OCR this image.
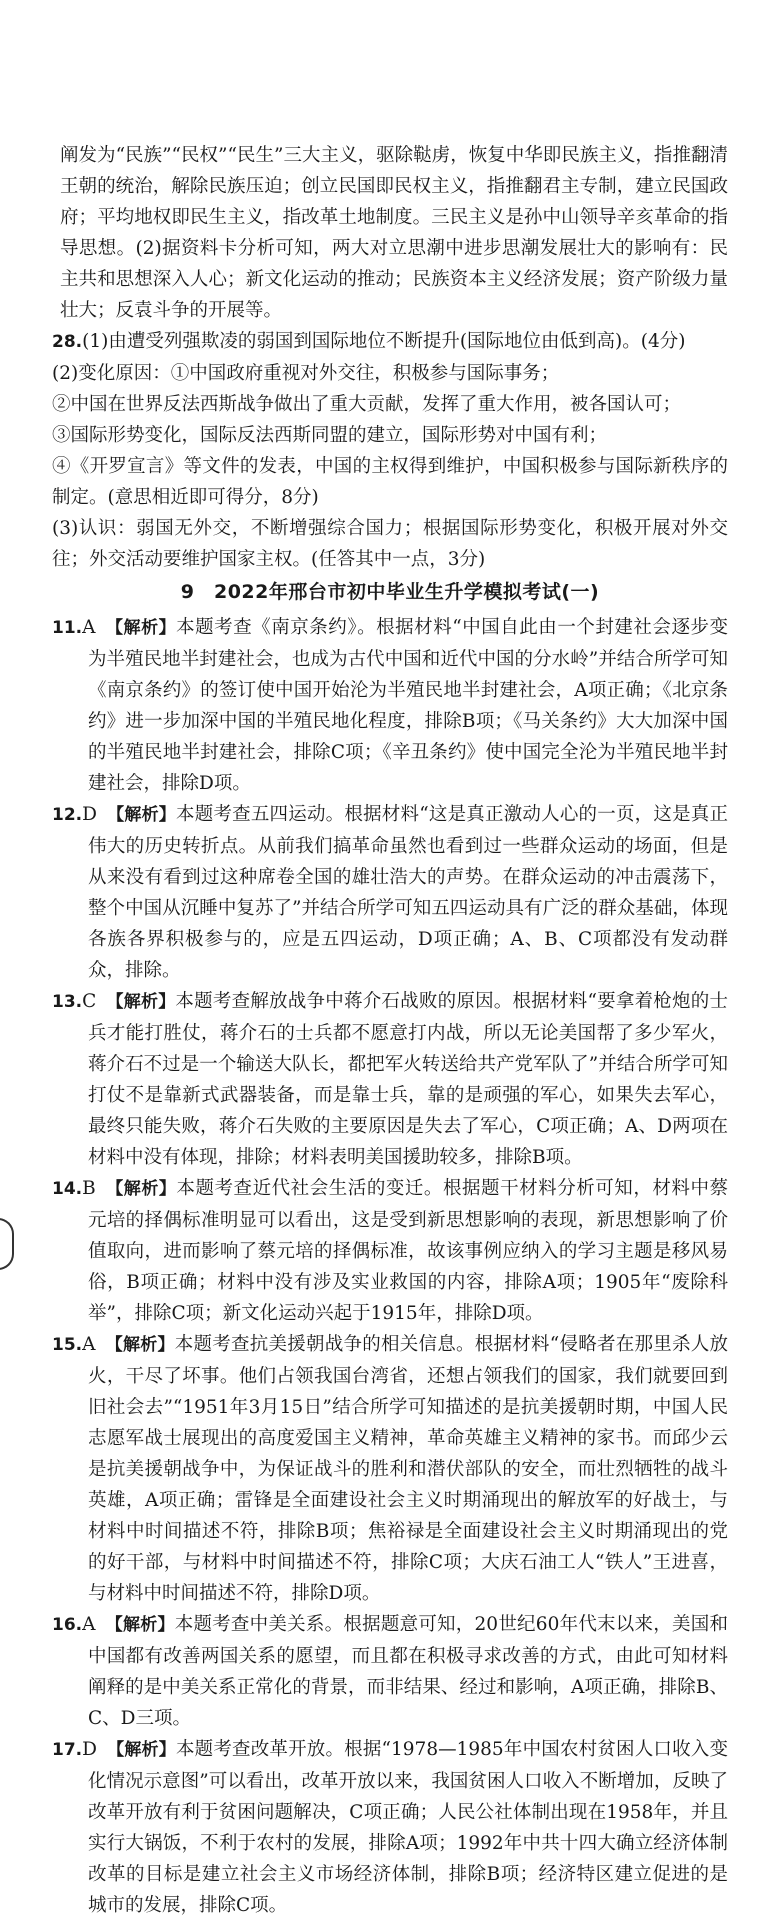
阐发为“民族”“民权”“民生”三大主义，驱除鞑虏，恢复中华即民族主义，指推翻清王朝的统治，解除民族压迫；创立民国即民权主义，指推翻君主专制，建立民国政府；平均地权即民生主义，指改革土地制度。三民主义是孙中山领导辛亥革命的指导思想。(2)据资料卡分析可知，两大对立思潮中进步思潮发展壮大的影响有：民主共和思想深入人心；新文化运动的推动；民族资本主义经济发展；资产阶级力量壮大；反袁斗争的开展等。

28.(1)由遭受列强欺凌的弱国到国际地位不断提升(国际地位由低到高)。(4分)

(2)变化原因：①中国政府重视对外交往，积极参与国际事务；

②中国在世界反法西斯战争做出了重大贡献，发挥了重大作用，被各国认可；

③国际形势变化，国际反法西斯同盟的建立，国际形势对中国有利；

④《开罗宣言》等文件的发表，中国的主权得到维护，中国积极参与国际新秩序的制定。(意思相近即可得分，8分)

(3)认识：弱国无外交，不断增强综合国力；根据国际形势变化，积极开展对外交往；外交活动要维护国家主权。(任答其中一点，3分)

9　2022年邢台市初中毕业生升学模拟考试(一)

11.A 【解析】本题考查《南京条约》。根据材料“中国自此由一个封建社会逐步变为半殖民地半封建社会，也成为古代中国和近代中国的分水岭”并结合所学可知《南京条约》的签订使中国开始沦为半殖民地半封建社会，A项正确；《北京条约》进一步加深中国的半殖民地化程度，排除B项；《马关条约》大大加深中国的半殖民地半封建社会，排除C项；《辛丑条约》使中国完全沦为半殖民地半封建社会，排除D项。

12.D 【解析】本题考查五四运动。根据材料“这是真正激动人心的一页，这是真正伟大的历史转折点。从前我们搞革命虽然也看到过一些群众运动的场面，但是从来没有看到过这种席卷全国的雄壮浩大的声势。在群众运动的冲击震荡下，整个中国从沉睡中复苏了”并结合所学可知五四运动具有广泛的群众基础，体现各族各界积极参与的，应是五四运动，D项正确；A、B、C项都没有发动群众，排除。

13.C 【解析】本题考查解放战争中蒋介石战败的原因。根据材料“要拿着枪炮的士兵才能打胜仗，蒋介石的士兵都不愿意打内战，所以无论美国帮了多少军火，蒋介石不过是一个输送大队长，都把军火转送给共产党军队了”并结合所学可知打仗不是靠新式武器装备，而是靠士兵，靠的是顽强的军心，如果失去军心，最终只能失败，蒋介石失败的主要原因是失去了军心，C项正确；A、D两项在材料中没有体现，排除；材料表明美国援助较多，排除B项。

14.B 【解析】本题考查近代社会生活的变迁。根据题干材料分析可知，材料中蔡元培的择偶标准明显可以看出，这是受到新思想影响的表现，新思想影响了价值取向，进而影响了蔡元培的择偶标准，故该事例应纳入的学习主题是移风易俗，B项正确；材料中没有涉及实业救国的内容，排除A项；1905年“废除科举”，排除C项；新文化运动兴起于1915年，排除D项。

15.A 【解析】本题考查抗美援朝战争的相关信息。根据材料“侵略者在那里杀人放火，干尽了坏事。他们占领我国台湾省，还想占领我们的国家，我们就要回到旧社会去”“1951年3月15日”结合所学可知描述的是抗美援朝时期，中国人民志愿军战士展现出的高度爱国主义精神，革命英雄主义精神的家书。而邱少云是抗美援朝战争中，为保证战斗的胜利和潜伏部队的安全，而壮烈牺牲的战斗英雄，A项正确；雷锋是全面建设社会主义时期涌现出的解放军的好战士，与材料中时间描述不符，排除B项；焦裕禄是全面建设社会主义时期涌现出的党的好干部，与材料中时间描述不符，排除C项；大庆石油工人“铁人”王进喜，与材料中时间描述不符，排除D项。

16.A 【解析】本题考查中美关系。根据题意可知，20世纪60年代末以来，美国和中国都有改善两国关系的愿望，而且都在积极寻求改善的方式，由此可知材料阐释的是中美关系正常化的背景，而非结果、经过和影响，A项正确，排除B、C、D三项。

17.D 【解析】本题考查改革开放。根据“1978—1985年中国农村贫困人口收入变化情况示意图”可以看出，改革开放以来，我国贫困人口收入不断增加，反映了改革开放有利于贫困问题解决，C项正确；人民公社体制出现在1958年，并且实行大锅饭，不利于农村的发展，排除A项；1992年中共十四大确立经济体制改革的目标是建立社会主义市场经济体制，排除B项；经济特区建立促进的是城市的发展，排除C项。
